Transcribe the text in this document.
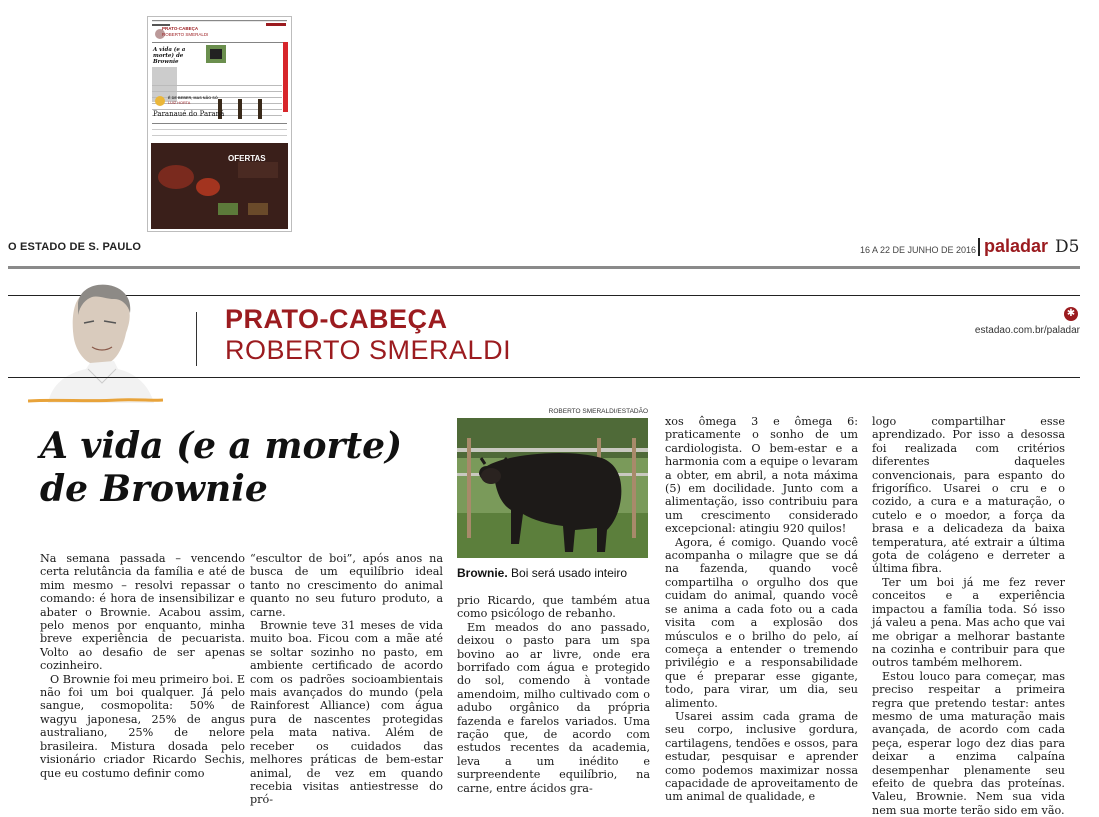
PRATO-CABEÇA
ROBERTO SMERALDI
A vida (e a morte) de Brownie
É DE BEBER, MAS NÃO SÓ
LUIZ HORTA
Paranaué do Paraná
OFERTAS
O ESTADO DE S. PAULO	16 A 22 DE JUNHO DE 2016 paladar D5
PRATO-CABEÇA
ROBERTO SMERALDI
✱
estadao.com.br/paladar
A vida (e a morte)
de Brownie
ROBERTO SMERALDI/ESTADÃO
Brownie. Boi será usado inteiro

Na semana passada – vencendo certa relutância da família e até de mim mesmo – resolvi repassar o comando: é hora de insensibilizar e abater o Brownie. Acabou assim, pelo menos por enquanto, minha breve experiência de pecuarista. Volto ao desafio de ser apenas cozinheiro.

O Brownie foi meu primeiro boi. E não foi um boi qualquer. Já pelo sangue, cosmopolita: 50% de wagyu japonesa, 25% de angus australiano, 25% de nelore brasileira. Mistura dosada pelo visionário criador Ricardo Sechis, que eu costumo definir como

“escultor de boi”, após anos na busca de um equilíbrio ideal tanto no crescimento do animal quanto no seu futuro produto, a carne.

Brownie teve 31 meses de vida muito boa. Ficou com a mãe até se soltar sozinho no pasto, em ambiente certificado de acordo com os padrões socioambientais mais avançados do mundo (pela Rainforest Alliance) com água pura de nascentes protegidas pela mata nativa. Além de receber os cuidados das melhores práticas de bem-estar animal, de vez em quando recebia visitas antiestresse do pró-

prio Ricardo, que também atua como psicólogo de rebanho.

Em meados do ano passado, deixou o pasto para um spa bovino ao ar livre, onde era borrifado com água e protegido do sol, comendo à vontade amendoim, milho cultivado com o adubo orgânico da própria fazenda e farelos variados. Uma ração que, de acordo com estudos recentes da academia, leva a um inédito e surpreendente equilíbrio, na carne, entre ácidos gra-

xos ômega 3 e ômega 6: praticamente o sonho de um cardiologista. O bem-estar e a harmonia com a equipe o levaram a obter, em abril, a nota máxima (5) em docilidade. Junto com a alimentação, isso contribuiu para um crescimento considerado excepcional: atingiu 920 quilos!

Agora, é comigo. Quando você acompanha o milagre que se dá na fazenda, quando você compartilha o orgulho dos que cuidam do animal, quando você se anima a cada foto ou a cada visita com a explosão dos músculos e o brilho do pelo, aí começa a entender o tremendo privilégio e a responsabilidade que é preparar esse gigante, todo, para virar, um dia, seu alimento.

Usarei assim cada grama de seu corpo, inclusive gordura, cartilagens, tendões e ossos, para estudar, pesquisar e aprender como podemos maximizar nossa capacidade de aproveitamento de um animal de qualidade, e

logo compartilhar esse aprendizado. Por isso a desossa foi realizada com critérios diferentes daqueles convencionais, para espanto do frigorífico. Usarei o cru e o cozido, a cura e a maturação, o cutelo e o moedor, a força da brasa e a delicadeza da baixa temperatura, até extrair a última gota de colágeno e derreter a última fibra.

Ter um boi já me fez rever conceitos e a experiência impactou a família toda. Só isso já valeu a pena. Mas acho que vai me obrigar a melhorar bastante na cozinha e contribuir para que outros também melhorem.

Estou louco para começar, mas preciso respeitar a primeira regra que pretendo testar: antes mesmo de uma maturação mais avançada, de acordo com cada peça, esperar logo dez dias para deixar a enzima calpaína desempenhar plenamente seu efeito de quebra das proteínas. Valeu, Brownie. Nem sua vida nem sua morte terão sido em vão.
